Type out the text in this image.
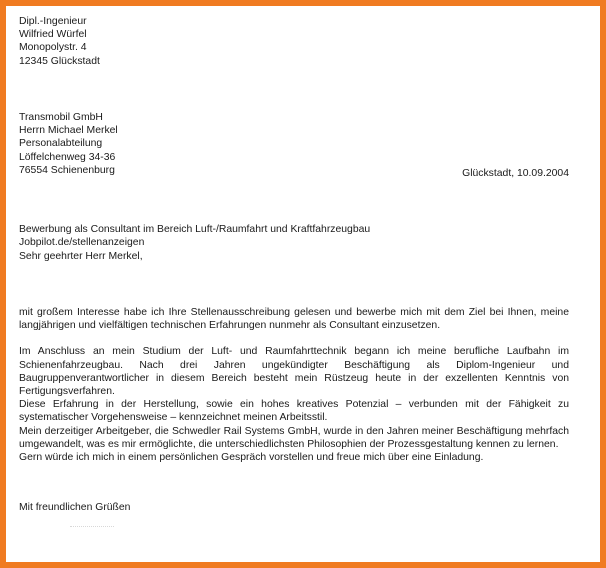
Dipl.-Ingenieur
Wilfried Würfel
Monopolystr. 4
12345 Glückstadt
Transmobil GmbH
Herrn Michael Merkel
Personalabteilung
Löffelchenweg 34-36
76554 Schienenburg	Glückstadt, 10.09.2004
Bewerbung als Consultant im Bereich Luft-/Raumfahrt und Kraftfahrzeugbau
Jobpilot.de/stellenanzeigen
Sehr geehrter Herr Merkel,

mit großem Interesse habe ich Ihre Stellenausschreibung gelesen und bewerbe mich mit dem Ziel bei Ihnen, meine langjährigen und vielfältigen technischen Erfahrungen nunmehr als Consultant einzusetzen.

Im Anschluss an mein Studium der Luft- und Raumfahrttechnik begann ich meine berufliche Laufbahn im Schienenfahrzeugbau. Nach drei Jahren ungekündigter Beschäftigung als Diplom-Ingenieur und Baugruppenverantwortlicher in diesem Bereich besteht mein Rüstzeug heute in der exzellenten Kenntnis von Fertigungsverfahren.

Diese Erfahrung in der Herstellung, sowie ein hohes kreatives Potenzial – verbunden mit der Fähigkeit zu systematischer Vorgehensweise – kennzeichnet meinen Arbeitsstil.

Mein derzeitiger Arbeitgeber, die Schwedler Rail Systems GmbH, wurde in den Jahren meiner Beschäftigung mehrfach umgewandelt, was es mir ermöglichte, die unterschiedlichsten Philosophien der Prozessgestaltung kennen zu lernen.

Gern würde ich mich in einem persönlichen Gespräch vorstellen und freue mich über eine Einladung.

Mit freundlichen Grüßen
